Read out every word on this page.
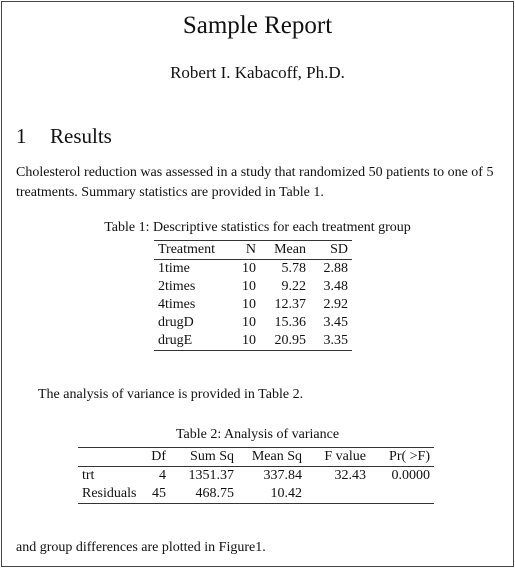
Sample Report
Robert I. Kabacoff, Ph.D.
1 Results
Cholesterol reduction was assessed in a study that randomized 50 patients to one of 5 treatments. Summary statistics are provided in Table 1.
Table 1: Descriptive statistics for each treatment group
Treatment	N	Mean	SD
1time	10	5.78	2.88
2times	10	9.22	3.48
4times	10	12.37	2.92
drugD	10	15.36	3.45
drugE	10	20.95	3.35
The analysis of variance is provided in Table 2.
Table 2: Analysis of variance
	Df	Sum Sq	Mean Sq	F value	Pr( >F)
trt	4	1351.37	337.84	32.43	0.0000
Residuals	45	468.75	10.42		
and group differences are plotted in Figure1.
